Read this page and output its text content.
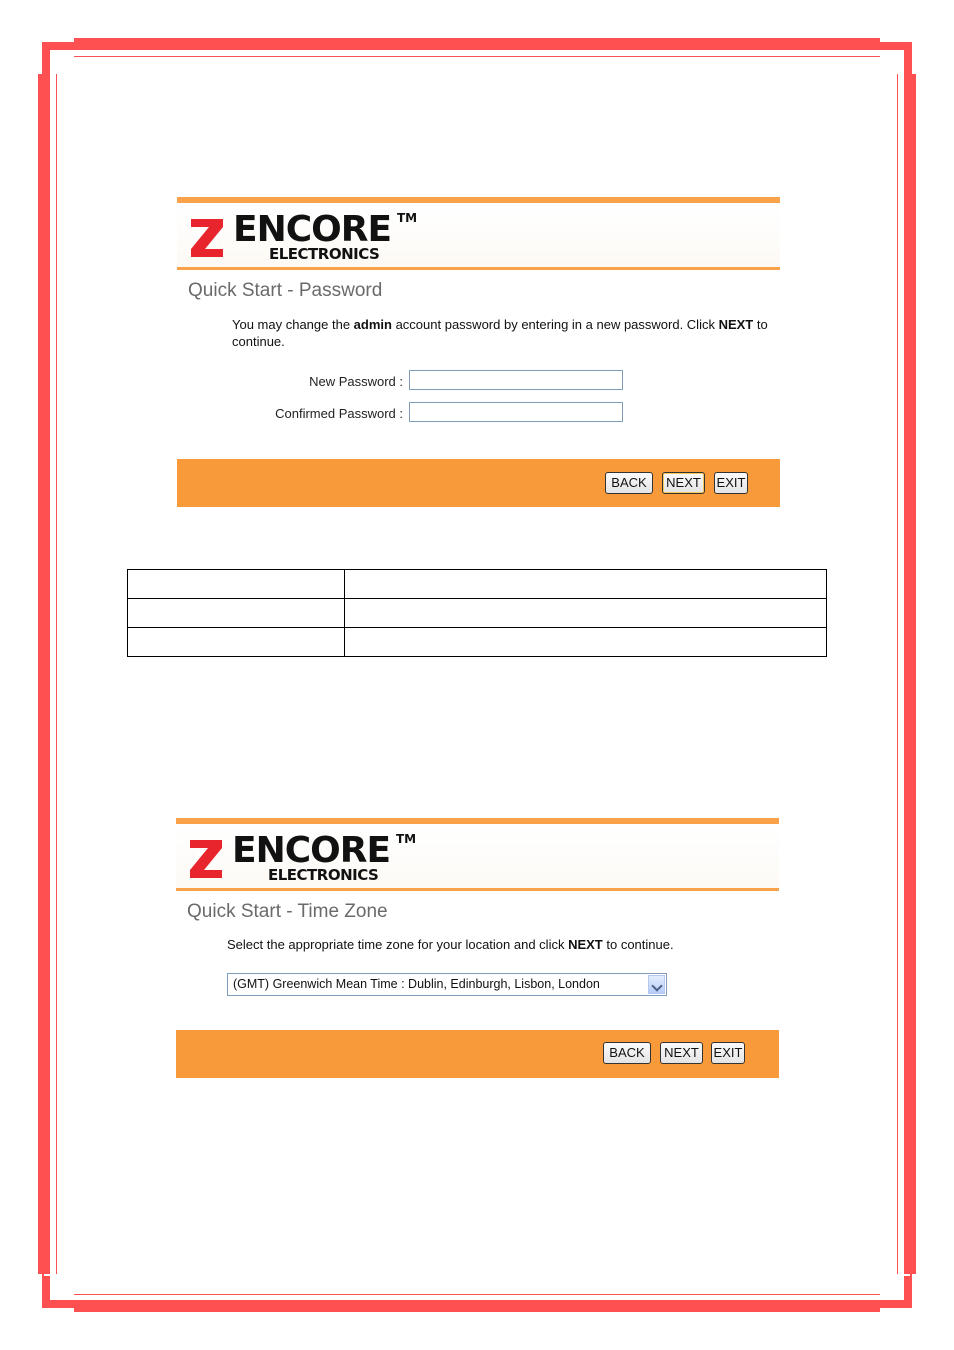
ENCORE TM
ELECTRONICS
Quick Start - Password
You may change the admin account password by entering in a new password. Click NEXT to continue.
New Password :
Confirmed Password :
BACK	NEXT	EXIT

ENCORE TM
ELECTRONICS
Quick Start - Time Zone
Select the appropriate time zone for your location and click NEXT to continue.
(GMT) Greenwich Mean Time : Dublin, Edinburgh, Lisbon, London
BACK	NEXT	EXIT
